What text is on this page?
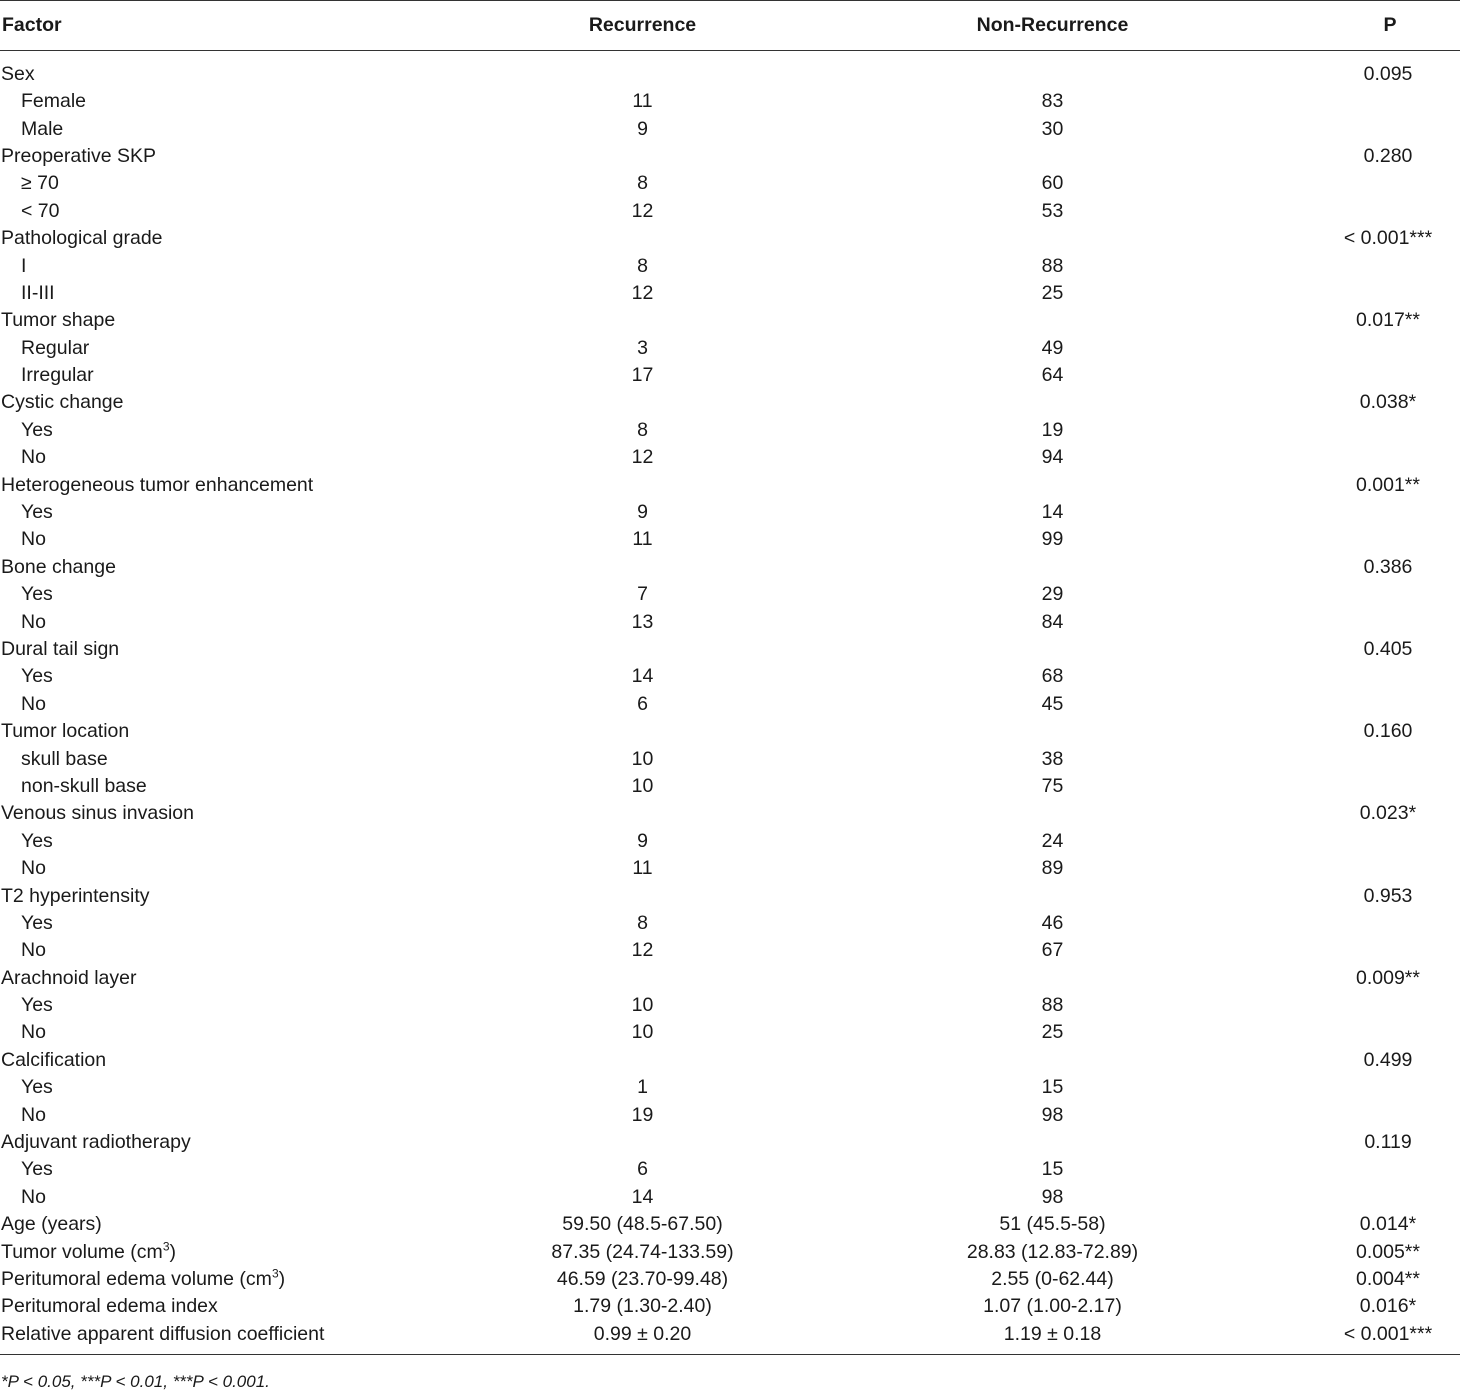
Factor	Recurrence	Non-Recurrence	P
Sex			0.095
Female	11	83	
Male	9	30	
Preoperative SKP			0.280
≥ 70	8	60	
< 70	12	53	
Pathological grade			< 0.001***
I	8	88	
II-III	12	25	
Tumor shape			0.017**
Regular	3	49	
Irregular	17	64	
Cystic change			0.038*
Yes	8	19	
No	12	94	
Heterogeneous tumor enhancement			0.001**
Yes	9	14	
No	11	99	
Bone change			0.386
Yes	7	29	
No	13	84	
Dural tail sign			0.405
Yes	14	68	
No	6	45	
Tumor location			0.160
skull base	10	38	
non-skull base	10	75	
Venous sinus invasion			0.023*
Yes	9	24	
No	11	89	
T2 hyperintensity			0.953
Yes	8	46	
No	12	67	
Arachnoid layer			0.009**
Yes	10	88	
No	10	25	
Calcification			0.499
Yes	1	15	
No	19	98	
Adjuvant radiotherapy			0.119
Yes	6	15	
No	14	98	
Age (years)	59.50 (48.5-67.50)	51 (45.5-58)	0.014*
Tumor volume $(cm^3)$	87.35 (24.74-133.59)	28.83 (12.83-72.89)	0.005**
Peritumoral edema volume $(cm^3)$	46.59 (23.70-99.48)	2.55 (0-62.44)	0.004**
Peritumoral edema index	1.79 (1.30-2.40)	1.07 (1.00-2.17)	0.016*
Relative apparent diffusion coefficient	0.99 ± 0.20	1.19 ± 0.18	< 0.001***
*P < 0.05, ***P < 0.01, ***P < 0.001.
